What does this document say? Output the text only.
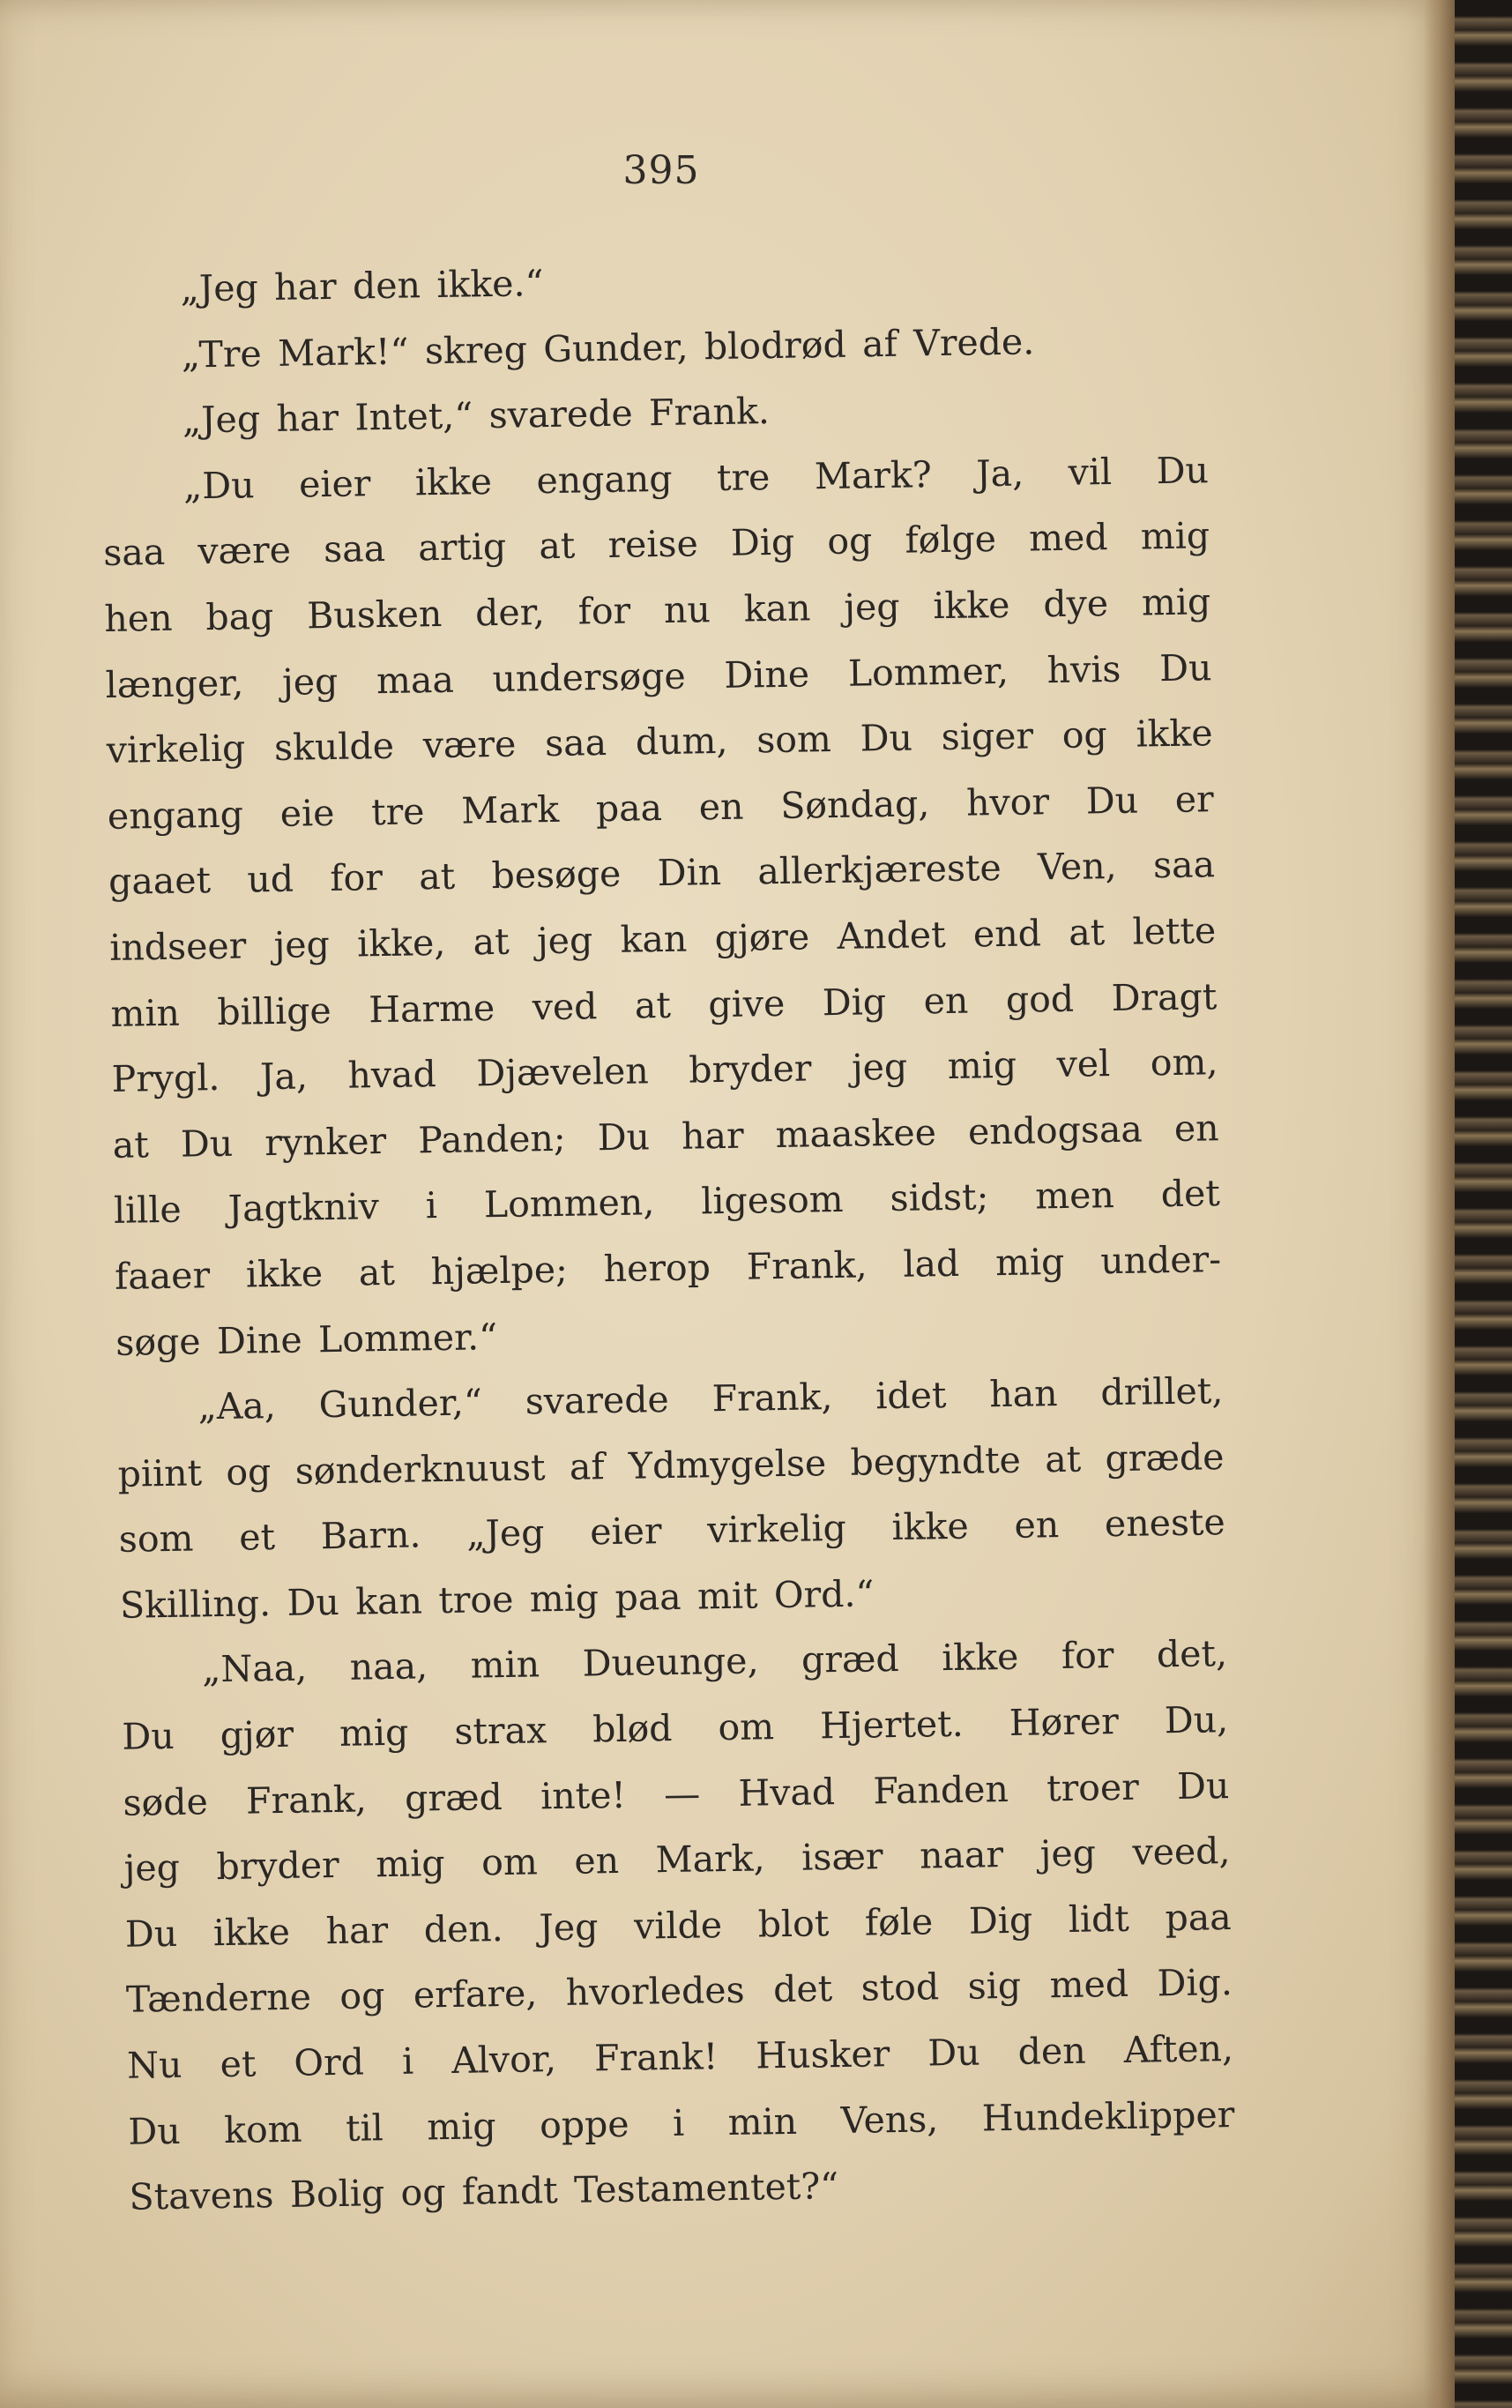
395
„Jeg har den ikke.“
„Tre Mark!“ skreg Gunder, blodrød af Vrede.
„Jeg har Intet,“ svarede Frank.
„Du eier ikke engang tre Mark? Ja, vil Du
saa være saa artig at reise Dig og følge med mig
hen bag Busken der, for nu kan jeg ikke dye mig
længer, jeg maa undersøge Dine Lommer, hvis Du
virkelig skulde være saa dum, som Du siger og ikke
engang eie tre Mark paa en Søndag, hvor Du er
gaaet ud for at besøge Din allerkjæreste Ven, saa
indseer jeg ikke, at jeg kan gjøre Andet end at lette
min billige Harme ved at give Dig en god Dragt
Prygl. Ja, hvad Djævelen bryder jeg mig vel om,
at Du rynker Panden; Du har maaskee endogsaa en
lille Jagtkniv i Lommen, ligesom sidst; men det
faaer ikke at hjælpe; herop Frank, lad mig under-
søge Dine Lommer.“
„Aa, Gunder,“ svarede Frank, idet han drillet,
piint og sønderknuust af Ydmygelse begyndte at græde
som et Barn. „Jeg eier virkelig ikke en eneste
Skilling. Du kan troe mig paa mit Ord.“
„Naa, naa, min Dueunge, græd ikke for det,
Du gjør mig strax blød om Hjertet. Hører Du,
søde Frank, græd inte! — Hvad Fanden troer Du
jeg bryder mig om en Mark, især naar jeg veed,
Du ikke har den. Jeg vilde blot føle Dig lidt paa
Tænderne og erfare, hvorledes det stod sig med Dig.
Nu et Ord i Alvor, Frank! Husker Du den Aften,
Du kom til mig oppe i min Vens, Hundeklipper
Stavens Bolig og fandt Testamentet?“
